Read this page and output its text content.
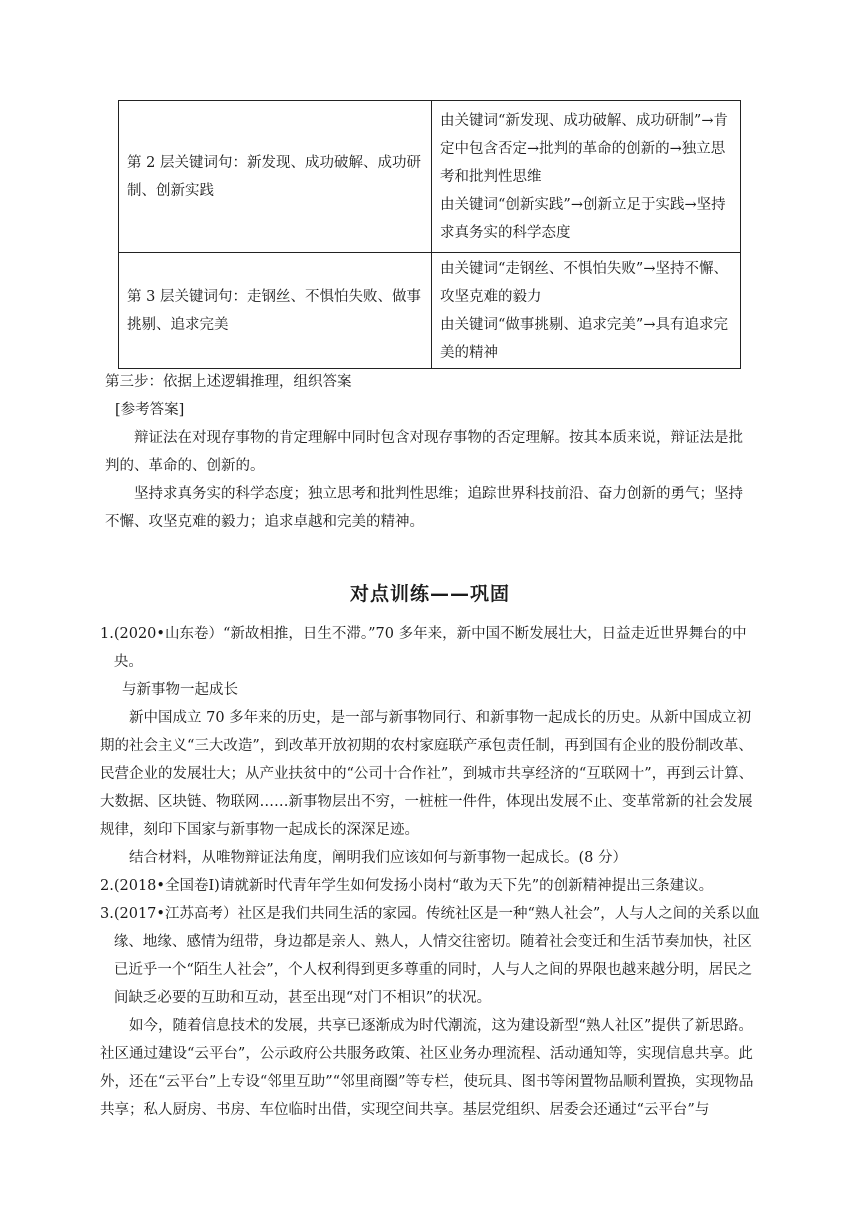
第 2 层关键词句：新发现、成功破解、成功研制、创新实践	由关键词“新发现、成功破解、成功研制”→肯定中包含否定→批判的革命的创新的→独立思考和批判性思维

由关键词“创新实践”→创新立足于实践→坚持求真务实的科学态度

第 3 层关键词句：走钢丝、不惧怕失败、做事挑剔、追求完美	由关键词“走钢丝、不惧怕失败”→坚持不懈、攻坚克难的毅力

由关键词“做事挑剔、追求完美”→具有追求完美的精神

第三步：依据上述逻辑推理，组织答案

[参考答案]

辩证法在对现存事物的肯定理解中同时包含对现存事物的否定理解。按其本质来说，辩证法是批判的、革命的、创新的。

坚持求真务实的科学态度；独立思考和批判性思维；追踪世界科技前沿、奋力创新的勇气；坚持不懈、攻坚克难的毅力；追求卓越和完美的精神。

对点训练——巩固
1. (2020•山东卷）“新故相推，日生不滞。”70 多年来，新中国不断发展壮大，日益走近世界舞台的中央。

与新事物一起成长

新中国成立 70 多年来的历史，是一部与新事物同行、和新事物一起成长的历史。从新中国成立初期的社会主义“三大改造”，到改革开放初期的农村家庭联产承包责任制，再到国有企业的股份制改革、民营企业的发展壮大；从产业扶贫中的“公司十合作社”，到城市共享经济的“互联网十”，再到云计算、大数据、区块链、物联网……新事物层出不穷，一桩桩一件件，体现出发展不止、变革常新的社会发展规律，刻印下国家与新事物一起成长的深深足迹。

结合材料，从唯物辩证法角度，阐明我们应该如何与新事物一起成长。(8 分）

2. (2018•全国卷Ⅰ)请就新时代青年学生如何发扬小岗村“敢为天下先”的创新精神提出三条建议。
3. (2017•江苏高考）社区是我们共同生活的家园。传统社区是一种“熟人社会”，人与人之间的关系以血缘、地缘、感情为纽带，身边都是亲人、熟人，人情交往密切。随着社会变迁和生活节奏加快，社区已近乎一个“陌生人社会”，个人权利得到更多尊重的同时，人与人之间的界限也越来越分明，居民之间缺乏必要的互助和互动，甚至出现“对门不相识”的状况。

如今，随着信息技术的发展，共享已逐渐成为时代潮流，这为建设新型“熟人社区”提供了新思路。社区通过建设“云平台”，公示政府公共服务政策、社区业务办理流程、活动通知等，实现信息共享。此外，还在“云平台”上专设“邻里互助”“邻里商圈”等专栏，使玩具、图书等闲置物品顺利置换，实现物品共享；私人厨房、书房、车位临时出借，实现空间共享。基层党组织、居委会还通过“云平台”与
